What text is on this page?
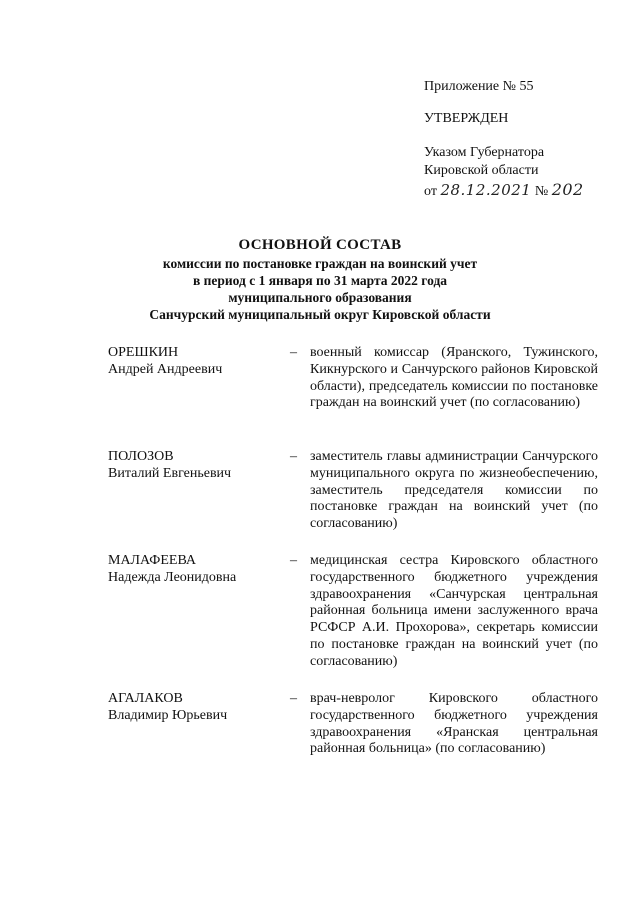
Приложение № 55
УТВЕРЖДЕН
Указом Губернатора
Кировской области
от 28.12.2021 № 202
ОСНОВНОЙ СОСТАВ
комиссии по постановке граждан на воинский учет
в период с 1 января по 31 марта 2022 года
муниципального образования
Санчурский муниципальный округ Кировской области
ОРЕШКИН
Андрей Андреевич
– военный комиссар (Яранского, Тужинского, Кикнурского и Санчурского районов Кировской области), председатель комиссии по постановке граждан на воинский учет (по согласованию)
ПОЛОЗОВ
Виталий Евгеньевич
– заместитель главы администрации Санчурского муниципального округа по жизнеобеспечению, заместитель председателя комиссии по постановке граждан на воинский учет (по согласованию)
МАЛАФЕЕВА
Надежда Леонидовна
– медицинская сестра Кировского областного государственного бюджетного учреждения здравоохранения «Санчурская центральная районная больница имени заслуженного врача РСФСР А.И. Прохорова», секретарь комиссии по постановке граждан на воинский учет (по согласованию)
АГАЛАКОВ
Владимир Юрьевич
– врач-невролог Кировского областного государственного бюджетного учреждения здравоохранения «Яранская центральная районная больница» (по согласованию)
